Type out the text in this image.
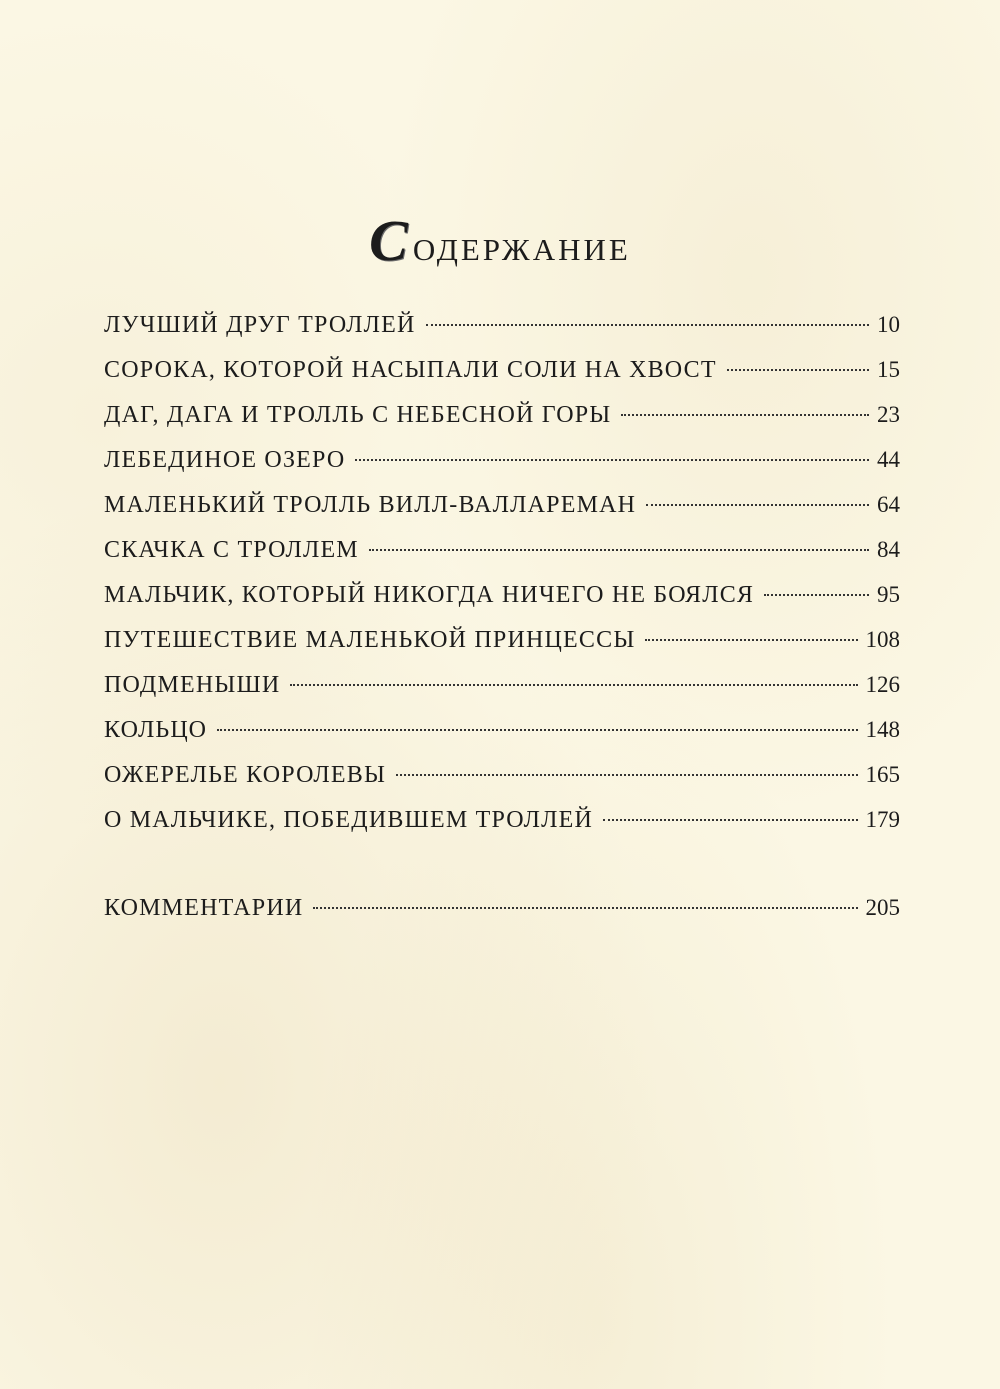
Содержание
ЛУЧШИЙ ДРУГ ТРОЛЛЕЙ	10
СОРОКА, КОТОРОЙ НАСЫПАЛИ СОЛИ НА ХВОСТ	15
ДАГ, ДАГА И ТРОЛЛЬ С НЕБЕСНОЙ ГОРЫ	23
ЛЕБЕДИНОЕ ОЗЕРО	44
МАЛЕНЬКИЙ ТРОЛЛЬ ВИЛЛ-ВАЛЛАРЕМАН	64
СКАЧКА С ТРОЛЛЕМ	84
МАЛЬЧИК, КОТОРЫЙ НИКОГДА НИЧЕГО НЕ БОЯЛСЯ	95
ПУТЕШЕСТВИЕ МАЛЕНЬКОЙ ПРИНЦЕССЫ	108
ПОДМЕНЫШИ	126
КОЛЬЦО	148
ОЖЕРЕЛЬЕ КОРОЛЕВЫ	165
О МАЛЬЧИКЕ, ПОБЕДИВШЕМ ТРОЛЛЕЙ	179
КОММЕНТАРИИ	205
